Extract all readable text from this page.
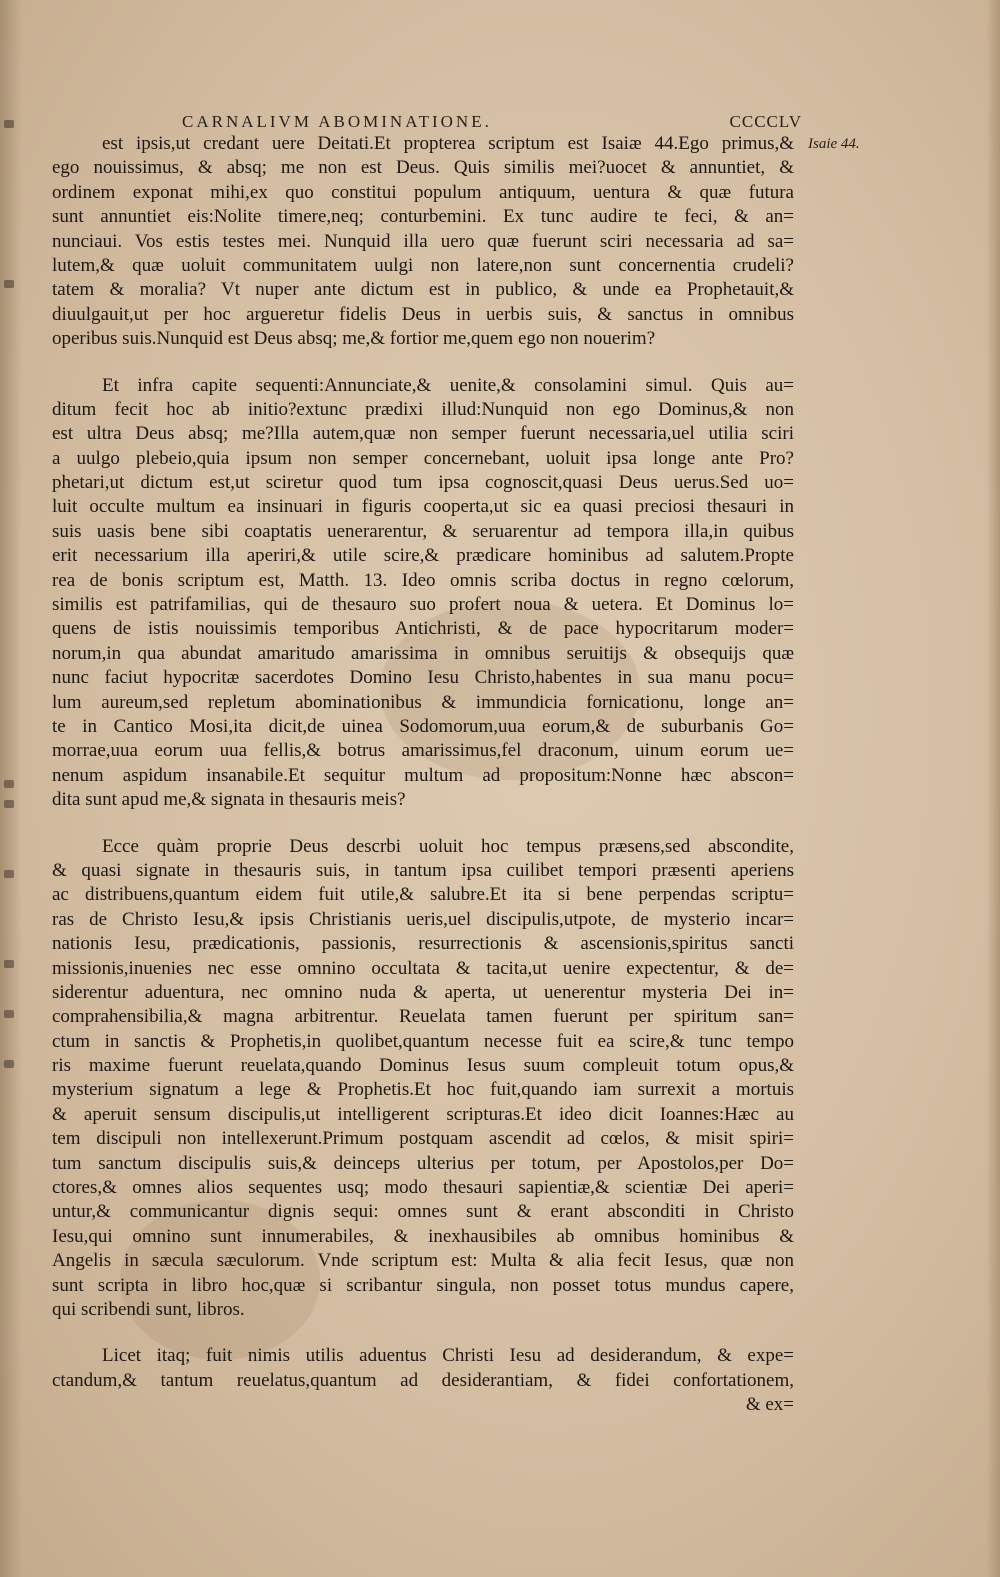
CARNALIVM ABOMINATIONE.	CCCCLV
Isaie 44.
est ipsis,ut credant uere Deitati.Et propterea scriptum est Isaiæ 44.Ego primus,&
ego nouissimus, & absq; me non est Deus. Quis similis mei?uocet & annuntiet, &
ordinem exponat mihi,ex quo constitui populum antiquum, uentura & quæ futura
sunt annuntiet eis:Nolite timere,neq; conturbemini. Ex tunc audire te feci, & an=
nunciaui. Vos estis testes mei. Nunquid illa uero quæ fuerunt sciri necessaria ad sa=
lutem,& quæ uoluit communitatem uulgi non latere,non sunt concernentia crudeli?
tatem & moralia? Vt nuper ante dictum est in publico, & unde ea Prophetauit,&
diuulgauit,ut per hoc argueretur fidelis Deus in uerbis suis, & sanctus in omnibus
operibus suis.Nunquid est Deus absq; me,& fortior me,quem ego non nouerim?
Et infra capite sequenti:Annunciate,& uenite,& consolamini simul. Quis au=
ditum fecit hoc ab initio?extunc prædixi illud:Nunquid non ego Dominus,& non
est ultra Deus absq; me?Illa autem,quæ non semper fuerunt necessaria,uel utilia sciri
a uulgo plebeio,quia ipsum non semper concernebant, uoluit ipsa longe ante Pro?
phetari,ut dictum est,ut sciretur quod tum ipsa cognoscit,quasi Deus uerus.Sed uo=
luit occulte multum ea insinuari in figuris cooperta,ut sic ea quasi preciosi thesauri in
suis uasis bene sibi coaptatis uenerarentur, & seruarentur ad tempora illa,in quibus
erit necessarium illa aperiri,& utile scire,& prædicare hominibus ad salutem.Propte
rea de bonis scriptum est, Matth. 13. Ideo omnis scriba doctus in regno cœlorum,
similis est patrifamilias, qui de thesauro suo profert noua & uetera. Et Dominus lo=
quens de istis nouissimis temporibus Antichristi, & de pace hypocritarum moder=
norum,in qua abundat amaritudo amarissima in omnibus seruitijs & obsequijs quæ
nunc faciut hypocritæ sacerdotes Domino Iesu Christo,habentes in sua manu pocu=
lum aureum,sed repletum abominationibus & immundicia fornicationu, longe an=
te in Cantico Mosi,ita dicit,de uinea Sodomorum,uua eorum,& de suburbanis Go=
morrae,uua eorum uua fellis,& botrus amarissimus,fel draconum, uinum eorum ue=
nenum aspidum insanabile.Et sequitur multum ad propositum:Nonne hæc abscon=
dita sunt apud me,& signata in thesauris meis?
Ecce quàm proprie Deus descrbi uoluit hoc tempus præsens,sed abscondite,
& quasi signate in thesauris suis, in tantum ipsa cuilibet tempori præsenti aperiens
ac distribuens,quantum eidem fuit utile,& salubre.Et ita si bene perpendas scriptu=
ras de Christo Iesu,& ipsis Christianis ueris,uel discipulis,utpote, de mysterio incar=
nationis Iesu, prædicationis, passionis, resurrectionis & ascensionis,spiritus sancti
missionis,inuenies nec esse omnino occultata & tacita,ut uenire expectentur, & de=
siderentur aduentura, nec omnino nuda & aperta, ut uenerentur mysteria Dei in=
comprahensibilia,& magna arbitrentur. Reuelata tamen fuerunt per spiritum san=
ctum in sanctis & Prophetis,in quolibet,quantum necesse fuit ea scire,& tunc tempo
ris maxime fuerunt reuelata,quando Dominus Iesus suum compleuit totum opus,&
mysterium signatum a lege & Prophetis.Et hoc fuit,quando iam surrexit a mortuis
& aperuit sensum discipulis,ut intelligerent scripturas.Et ideo dicit Ioannes:Hæc au
tem discipuli non intellexerunt.Primum postquam ascendit ad cœlos, & misit spiri=
tum sanctum discipulis suis,& deinceps ulterius per totum, per Apostolos,per Do=
ctores,& omnes alios sequentes usq; modo thesauri sapientiæ,& scientiæ Dei aperi=
untur,& communicantur dignis sequi: omnes sunt & erant absconditi in Christo
Iesu,qui omnino sunt innumerabiles, & inexhausibiles ab omnibus hominibus &
Angelis in sæcula sæculorum. Vnde scriptum est: Multa & alia fecit Iesus, quæ non
sunt scripta in libro hoc,quæ si scribantur singula, non posset totus mundus capere,
qui scribendi sunt, libros.
Licet itaq; fuit nimis utilis aduentus Christi Iesu ad desiderandum, & expe=
ctandum,& tantum reuelatus,quantum ad desiderantiam, & fidei confortationem,
& ex=
